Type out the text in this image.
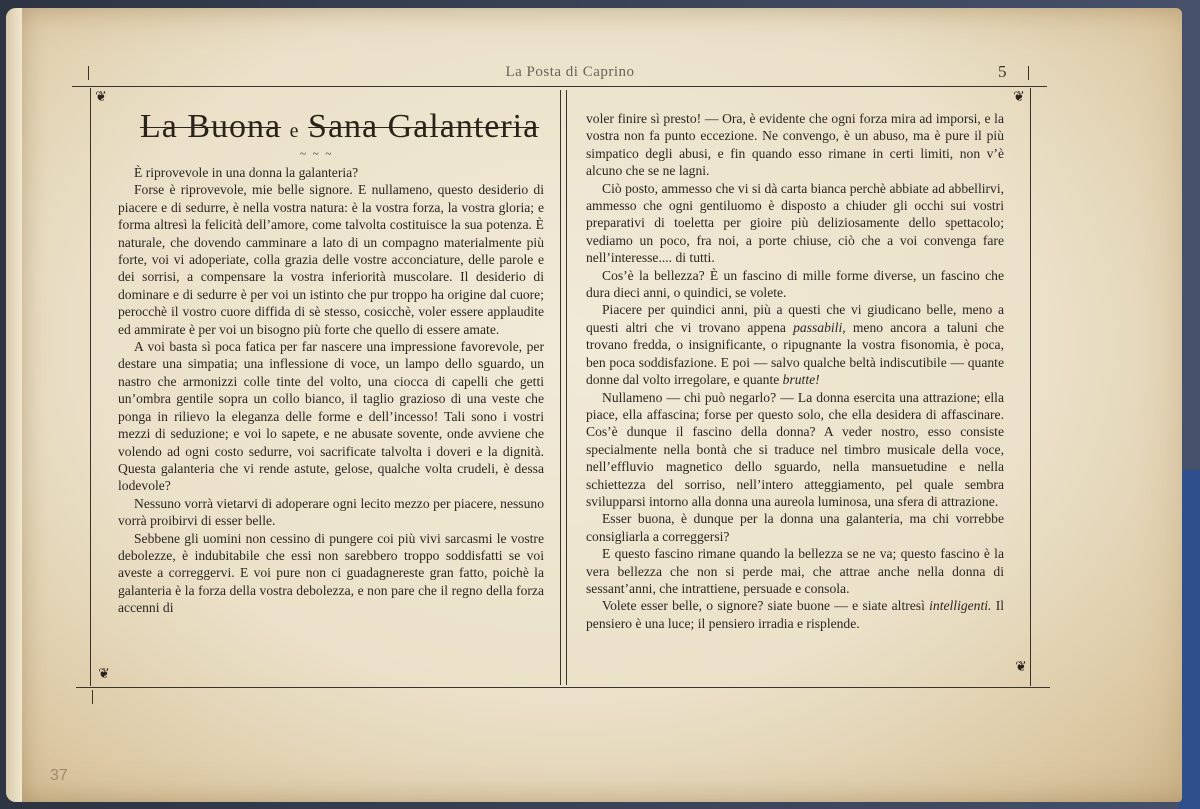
La Posta di Caprino	5
❦	❦
❦	❦
La Buona e Sana Galanteria
~ ~ ~

È riprovevole in una donna la galanteria?

Forse è riprovevole, mie belle signore. E nullameno, questo desiderio di piacere e di sedurre, è nella vostra natura: è la vostra forza, la vostra gloria; e forma altresì la felicità dell’amore, come talvolta costituisce la sua potenza. È naturale, che dovendo camminare a lato di un compagno materialmente più forte, voi vi adoperiate, colla grazia delle vostre acconciature, delle parole e dei sorrisi, a compensare la vostra inferiorità muscolare. Il desiderio di dominare e di sedurre è per voi un istinto che pur troppo ha origine dal cuore; perocchè il vostro cuore diffida di sè stesso, cosicchè, voler essere applaudite ed ammirate è per voi un bisogno più forte che quello di essere amate.

A voi basta sì poca fatica per far nascere una impressione favorevole, per destare una simpatia; una inflessione di voce, un lampo dello sguardo, un nastro che armonizzi colle tinte del volto, una ciocca di capelli che getti un’ombra gentile sopra un collo bianco, il taglio grazioso di una veste che ponga in rilievo la eleganza delle forme e dell’incesso! Tali sono i vostri mezzi di seduzione; e voi lo sapete, e ne abusate sovente, onde avviene che volendo ad ogni costo sedurre, voi sacrificate talvolta i doveri e la dignità. Questa galanteria che vi rende astute, gelose, qualche volta crudeli, è dessa lodevole?

Nessuno vorrà vietarvi di adoperare ogni lecito mezzo per piacere, nessuno vorrà proibirvi di esser belle.

Sebbene gli uomini non cessino di pungere coi più vivi sarcasmi le vostre debolezze, è indubitabile che essi non sarebbero troppo soddisfatti se voi aveste a correggervi. E voi pure non ci guadagnereste gran fatto, poichè la galanteria è la forza della vostra debolezza, e non pare che il regno della forza accenni di

voler finire sì presto! — Ora, è evidente che ogni forza mira ad imporsi, e la vostra non fa punto eccezione. Ne convengo, è un abuso, ma è pure il più simpatico degli abusi, e fin quando esso rimane in certi limiti, non v’è alcuno che se ne lagni.

Ciò posto, ammesso che vi si dà carta bianca perchè abbiate ad abbellirvi, ammesso che ogni gentiluomo è disposto a chiuder gli occhi sui vostri preparativi di toeletta per gioire più deliziosamente dello spettacolo; vediamo un poco, fra noi, a porte chiuse, ciò che a voi convenga fare nell’interesse.... di tutti.

Cos’è la bellezza? È un fascino di mille forme diverse, un fascino che dura dieci anni, o quindici, se volete.

Piacere per quindici anni, più a questi che vi giudicano belle, meno a questi altri che vi trovano appena passabili, meno ancora a taluni che trovano fredda, o insignificante, o ripugnante la vostra fisonomia, è poca, ben poca soddisfazione. E poi — salvo qualche beltà indiscutibile — quante donne dal volto irregolare, e quante brutte!

Nullameno — chi può negarlo? — La donna esercita una attrazione; ella piace, ella affascina; forse per questo solo, che ella desidera di affascinare. Cos’è dunque il fascino della donna? A veder nostro, esso consiste specialmente nella bontà che si traduce nel timbro musicale della voce, nell’effluvio magnetico dello sguardo, nella mansuetudine e nella schiettezza del sorriso, nell’intero atteggiamento, pel quale sembra svilupparsi intorno alla donna una aureola luminosa, una sfera di attrazione.

Esser buona, è dunque per la donna una galanteria, ma chi vorrebbe consigliarla a correggersi?

E questo fascino rimane quando la bellezza se ne va; questo fascino è la vera bellezza che non si perde mai, che attrae anche nella donna di sessant’anni, che intrattiene, persuade e consola.

Volete esser belle, o signore? siate buone — e siate altresì intelligenti. Il pensiero è una luce; il pensiero irradia e risplende.

37
